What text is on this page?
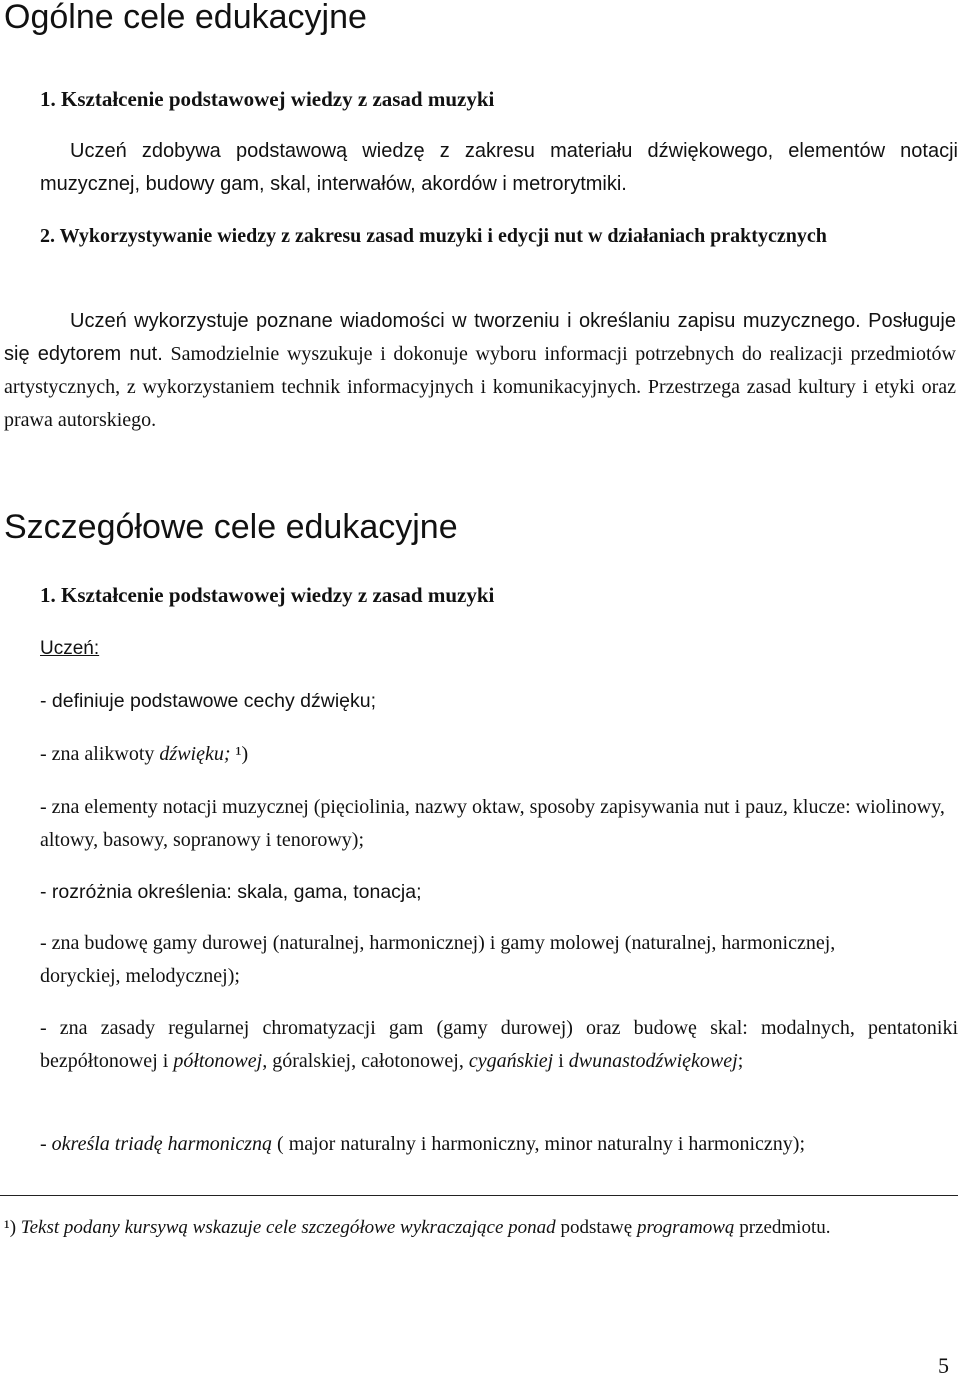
Ogólne cele edukacyjne
1. Kształcenie podstawowej wiedzy z zasad muzyki
Uczeń zdobywa podstawową wiedzę z zakresu materiału dźwiękowego, elementów notacji muzycznej, budowy gam, skal, interwałów, akordów i metrorytmiki.
2. Wykorzystywanie wiedzy z zakresu zasad muzyki i edycji nut w działaniach praktycznych
Uczeń wykorzystuje poznane wiadomości w tworzeniu i określaniu zapisu muzycznego. Posługuje się edytorem nut. Samodzielnie wyszukuje i dokonuje wyboru informacji potrzebnych do realizacji przedmiotów artystycznych, z wykorzystaniem technik informacyjnych i komunikacyjnych. Przestrzega zasad kultury i etyki oraz prawa autorskiego.
Szczegółowe cele edukacyjne
1. Kształcenie podstawowej wiedzy z zasad muzyki
Uczeń:
- definiuje podstawowe cechy dźwięku;
- zna alikwoty dźwięku; ¹)
- zna elementy notacji muzycznej (pięciolinia, nazwy oktaw, sposoby zapisywania nut i pauz, klucze: wiolinowy, altowy, basowy, sopranowy i tenorowy);
- rozróżnia określenia: skala, gama, tonacja;
- zna budowę gamy durowej (naturalnej, harmonicznej) i gamy molowej (naturalnej, harmonicznej, doryckiej, melodycznej);
- zna zasady regularnej chromatyzacji gam (gamy durowej) oraz budowę skal: modalnych, pentatoniki bezpółtonowej i półtonowej, góralskiej, całotonowej, cygańskiej i dwunastodźwiękowej;
- określa triadę harmoniczną ( major naturalny i harmoniczny, minor naturalny i harmoniczny);
¹) Tekst podany kursywą wskazuje cele szczegółowe wykraczające ponad podstawę programową przedmiotu.
5
